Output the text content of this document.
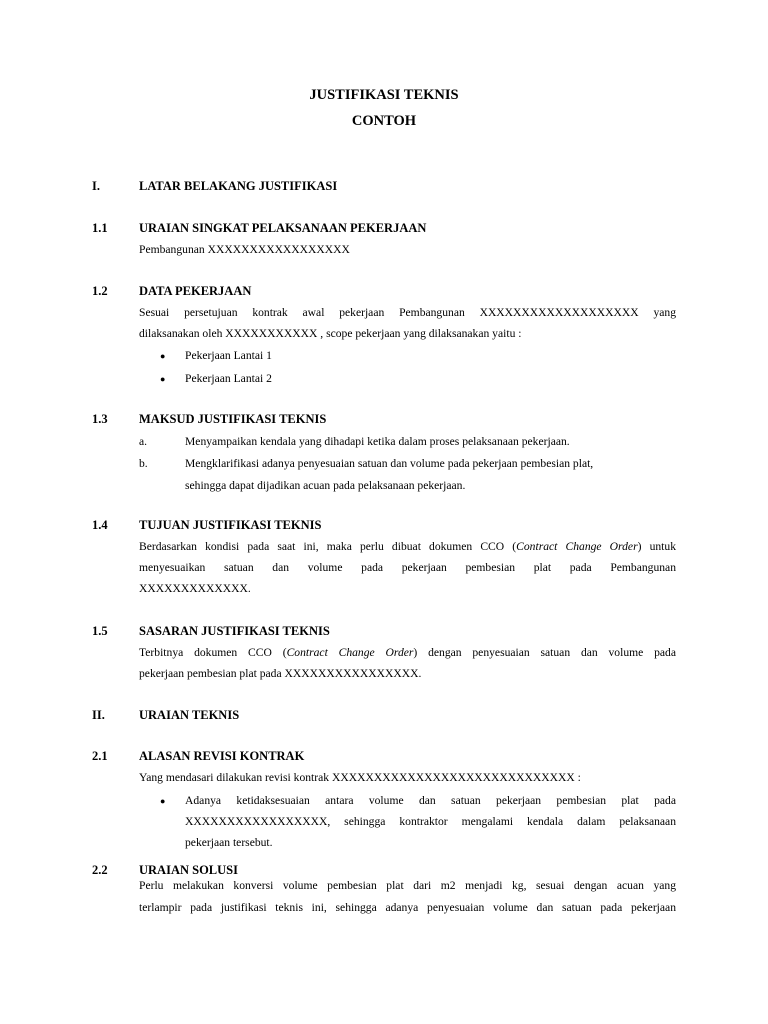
JUSTIFIKASI TEKNIS
CONTOH
I.	LATAR BELAKANG JUSTIFIKASI
1.1	URAIAN SINGKAT PELAKSANAAN PEKERJAAN
Pembangunan XXXXXXXXXXXXXXXXX
1.2	DATA PEKERJAAN
Sesuai persetujuan kontrak awal pekerjaan Pembangunan XXXXXXXXXXXXXXXXXXX yang
dilaksanakan oleh XXXXXXXXXXX , scope pekerjaan yang dilaksanakan yaitu :
● Pekerjaan Lantai 1
● Pekerjaan Lantai 2
1.3	MAKSUD JUSTIFIKASI TEKNIS
a.	Menyampaikan kendala yang dihadapi ketika dalam proses pelaksanaan pekerjaan.
b.	Mengklarifikasi adanya penyesuaian satuan dan volume pada pekerjaan pembesian plat,
sehingga dapat dijadikan acuan pada pelaksanaan pekerjaan.
1.4	TUJUAN JUSTIFIKASI TEKNIS
Berdasarkan kondisi pada saat ini, maka perlu dibuat dokumen CCO (Contract Change Order) untuk
menyesuaikan satuan dan volume pada pekerjaan pembesian plat pada Pembangunan
XXXXXXXXXXXXX.
1.5	SASARAN JUSTIFIKASI TEKNIS
Terbitnya dokumen CCO (Contract Change Order) dengan penyesuaian satuan dan volume pada
pekerjaan pembesian plat pada XXXXXXXXXXXXXXXX.
II.	URAIAN TEKNIS
2.1	ALASAN REVISI KONTRAK
Yang mendasari dilakukan revisi kontrak XXXXXXXXXXXXXXXXXXXXXXXXXXXXX :
● Adanya ketidaksesuaian antara volume dan satuan pekerjaan pembesian plat pada
XXXXXXXXXXXXXXXXX, sehingga kontraktor mengalami kendala dalam pelaksanaan
pekerjaan tersebut.
2.2	URAIAN SOLUSI
Perlu melakukan konversi volume pembesian plat dari m2 menjadi kg, sesuai dengan acuan yang
terlampir pada justifikasi teknis ini, sehingga adanya penyesuaian volume dan satuan pada pekerjaan
